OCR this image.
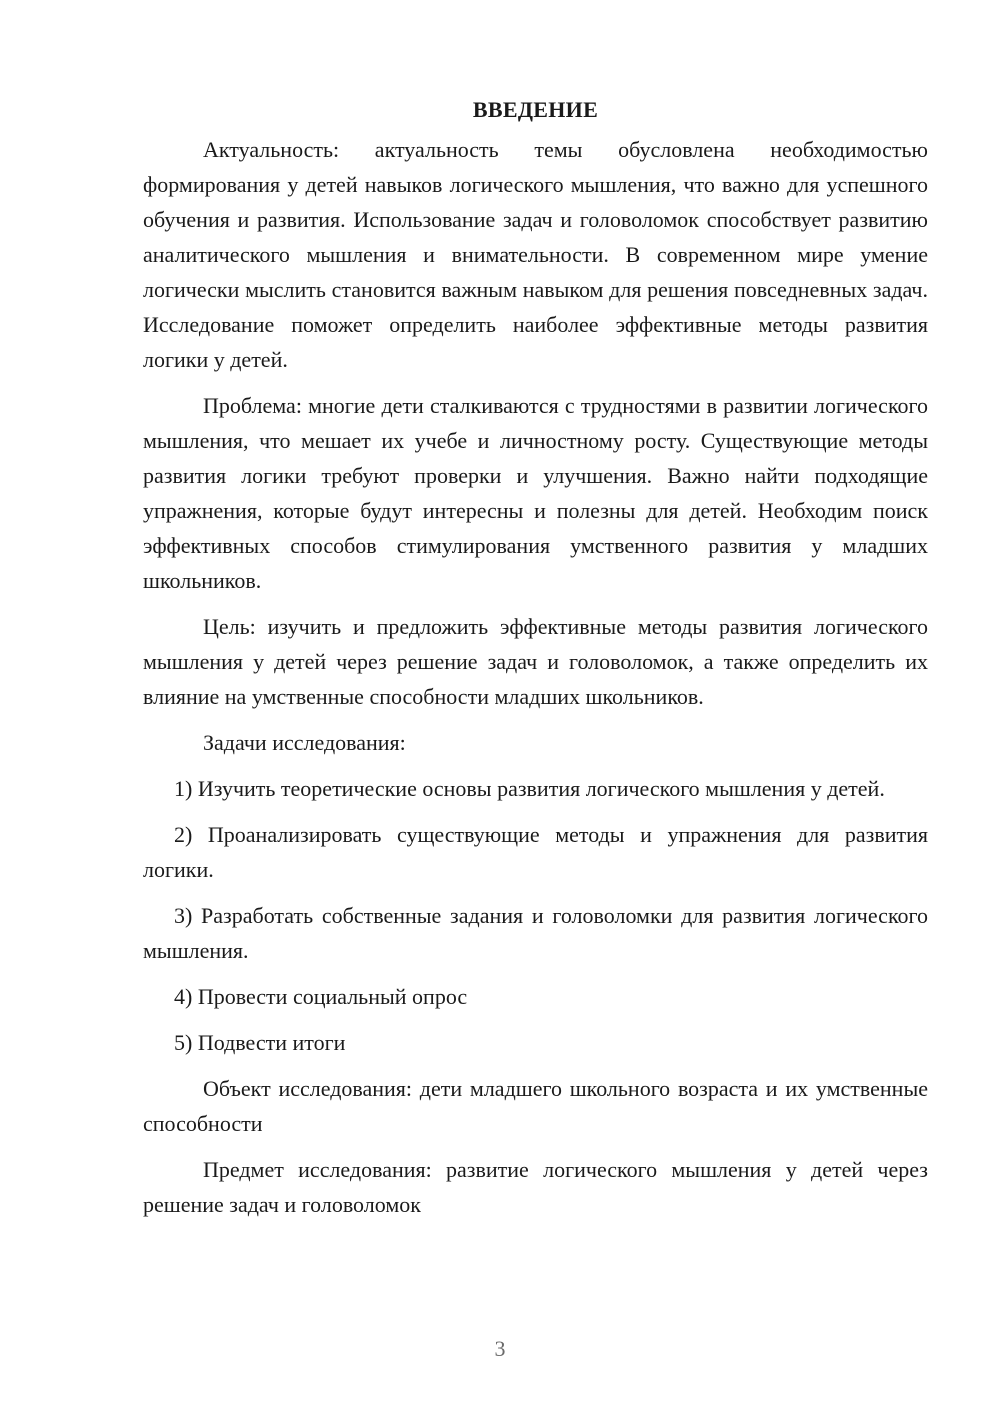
ВВЕДЕНИЕ

Актуальность: актуальность темы обусловлена необходимостью формирования у детей навыков логического мышления, что важно для успешного обучения и развития. Использование задач и головоломок способствует развитию аналитического мышления и внимательности. В современном мире умение логически мыслить становится важным навыком для решения повседневных задач. Исследование поможет определить наиболее эффективные методы развития логики у детей.

Проблема: многие дети сталкиваются с трудностями в развитии логического мышления, что мешает их учебе и личностному росту. Существующие методы развития логики требуют проверки и улучшения. Важно найти подходящие упражнения, которые будут интересны и полезны для детей. Необходим поиск эффективных способов стимулирования умственного развития у младших школьников.

Цель: изучить и предложить эффективные методы развития логического мышления у детей через решение задач и головоломок, а также определить их влияние на умственные способности младших школьников.

Задачи исследования:

1) Изучить теоретические основы развития логического мышления у детей.

2) Проанализировать существующие методы и упражнения для развития логики.

3) Разработать собственные задания и головоломки для развития логического мышления.

4) Провести социальный опрос

5) Подвести итоги

Объект исследования: дети младшего школьного возраста и их умственные способности

Предмет исследования: развитие логического мышления у детей через решение задач и головоломок

3
